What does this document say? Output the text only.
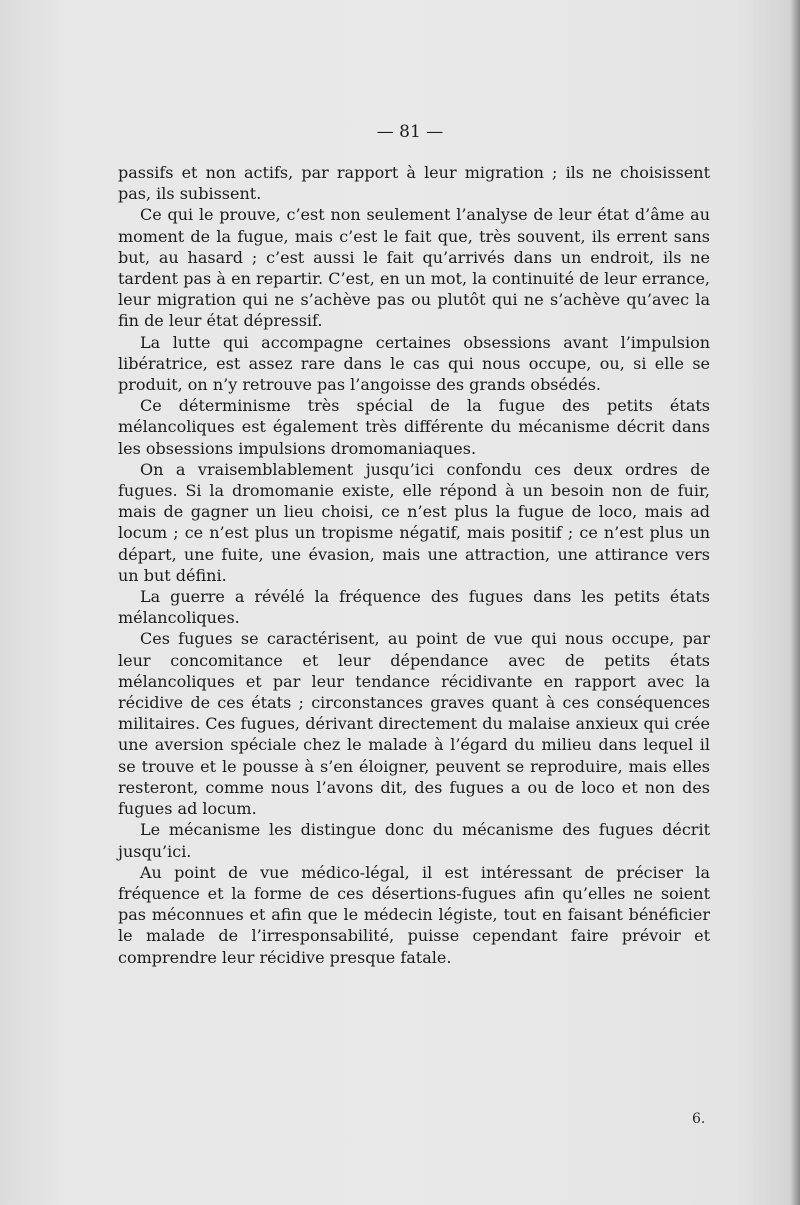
— 81 —

passifs et non actifs, par rapport à leur migration ; ils ne choisissent pas, ils subissent.

Ce qui le prouve, c’est non seulement l’analyse de leur état d’âme au moment de la fugue, mais c’est le fait que, très souvent, ils errent sans but, au hasard ; c’est aussi le fait qu’arrivés dans un endroit, ils ne tardent pas à en repartir. C’est, en un mot, la continuité de leur errance, leur migration qui ne s’achève pas ou plutôt qui ne s’achève qu’avec la fin de leur état dépressif.

La lutte qui accompagne certaines obsessions avant l’impulsion libératrice, est assez rare dans le cas qui nous occupe, ou, si elle se produit, on n’y retrouve pas l’angoisse des grands obsédés.

Ce déterminisme très spécial de la fugue des petits états mélancoliques est également très différente du mécanisme décrit dans les obsessions impulsions dromomaniaques.

On a vraisemblablement jusqu’ici confondu ces deux ordres de fugues. Si la dromomanie existe, elle répond à un besoin non de fuir, mais de gagner un lieu choisi, ce n’est plus la fugue de loco, mais ad locum ; ce n’est plus un tropisme négatif, mais positif ; ce n’est plus un départ, une fuite, une évasion, mais une attraction, une attirance vers un but défini.

La guerre a révélé la fréquence des fugues dans les petits états mélancoliques.

Ces fugues se caractérisent, au point de vue qui nous occupe, par leur concomitance et leur dépendance avec de petits états mélancoliques et par leur tendance récidivante en rapport avec la récidive de ces états ; circonstances graves quant à ces conséquences militaires. Ces fugues, dérivant directement du malaise anxieux qui crée une aversion spéciale chez le malade à l’égard du milieu dans lequel il se trouve et le pousse à s’en éloigner, peuvent se reproduire, mais elles resteront, comme nous l’avons dit, des fugues a ou de loco et non des fugues ad locum.

Le mécanisme les distingue donc du mécanisme des fugues décrit jusqu’ici.

Au point de vue médico-légal, il est intéressant de préciser la fréquence et la forme de ces désertions-fugues afin qu’elles ne soient pas méconnues et afin que le médecin légiste, tout en faisant bénéficier le malade de l’irresponsabilité, puisse cependant faire prévoir et comprendre leur récidive presque fatale.

6.
